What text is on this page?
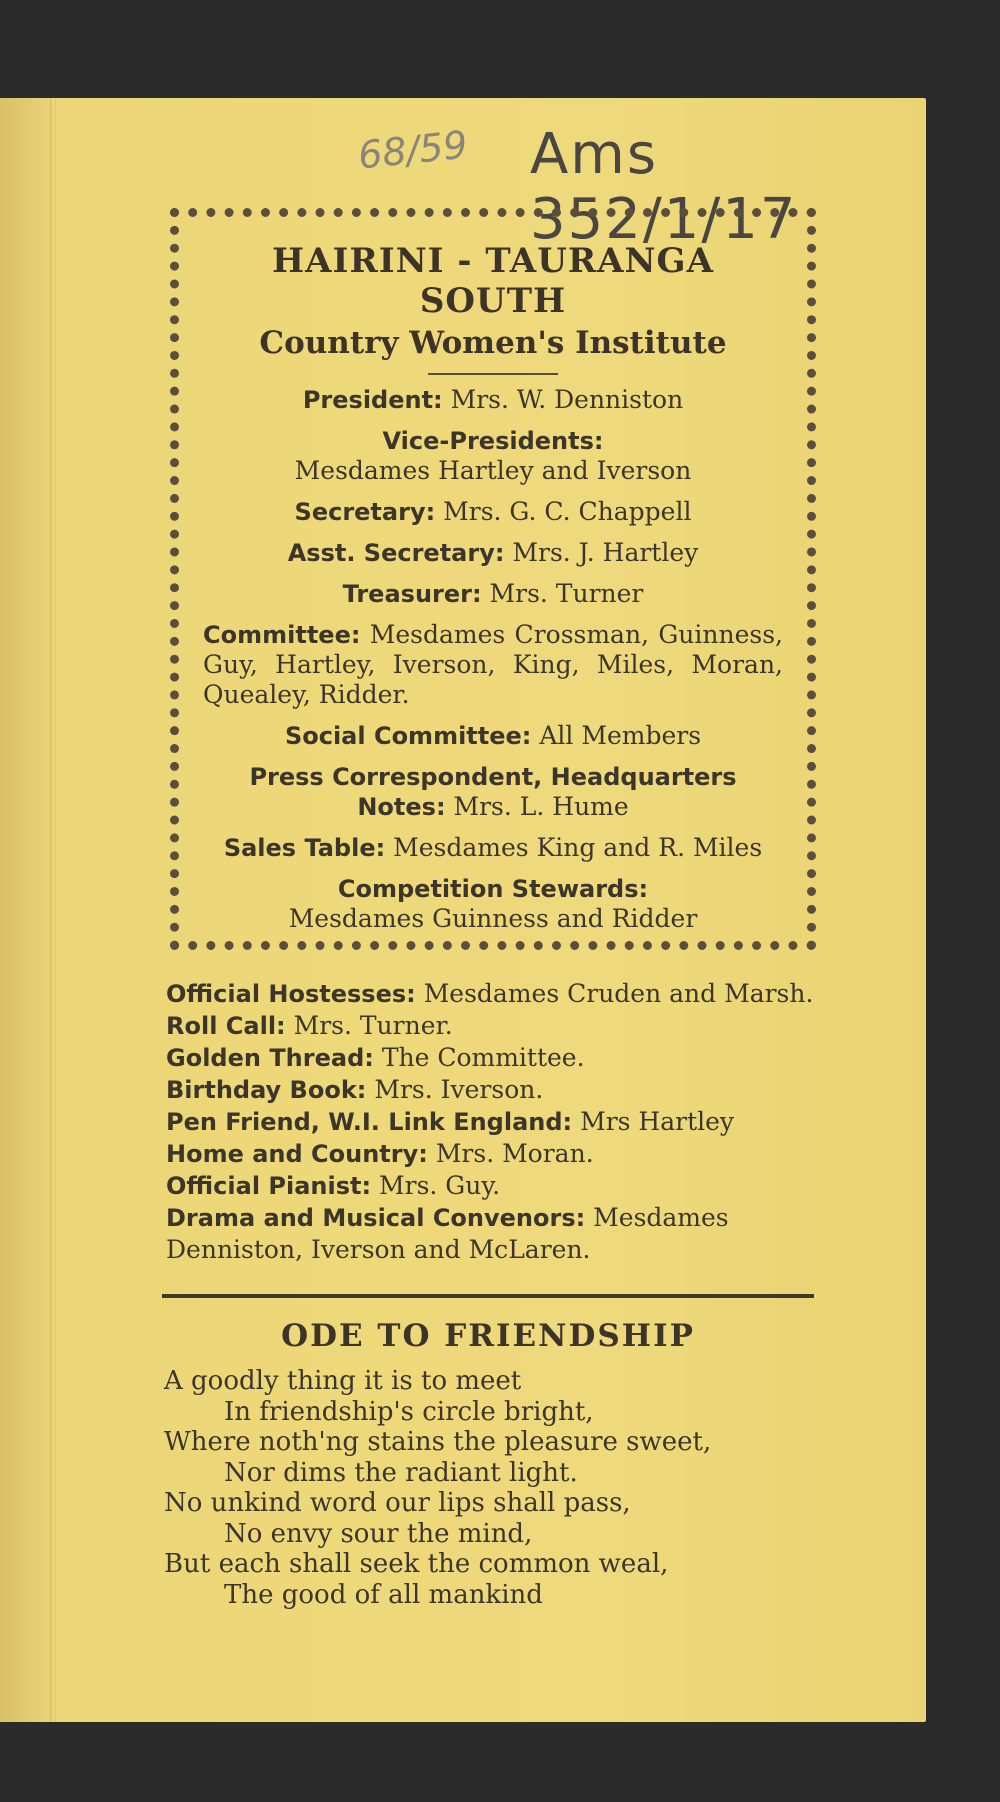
68/59 Ams 352/1/17
HAIRINI - TAURANGA SOUTH
Country Women's Institute
President: Mrs. W. Denniston
Vice-Presidents:
Mesdames Hartley and Iverson
Secretary: Mrs. G. C. Chappell
Asst. Secretary: Mrs. J. Hartley
Treasurer: Mrs. Turner
Committee: Mesdames Crossman, Guinness, Guy, Hartley, Iverson, King, Miles, Moran, Quealey, Ridder.
Social Committee: All Members
Press Correspondent, Headquarters Notes: Mrs. L. Hume
Sales Table: Mesdames King and R. Miles
Competition Stewards:
Mesdames Guinness and Ridder
Official Hostesses: Mesdames Cruden and Marsh.
Roll Call: Mrs. Turner.
Golden Thread: The Committee.
Birthday Book: Mrs. Iverson.
Pen Friend, W.I. Link England: Mrs Hartley
Home and Country: Mrs. Moran.
Official Pianist: Mrs. Guy.
Drama and Musical Convenors: Mesdames Denniston, Iverson and McLaren.
ODE TO FRIENDSHIP
A goodly thing it is to meet
In friendship's circle bright,
Where noth'ng stains the pleasure sweet,
Nor dims the radiant light.
No unkind word our lips shall pass,
No envy sour the mind,
But each shall seek the common weal,
The good of all mankind
